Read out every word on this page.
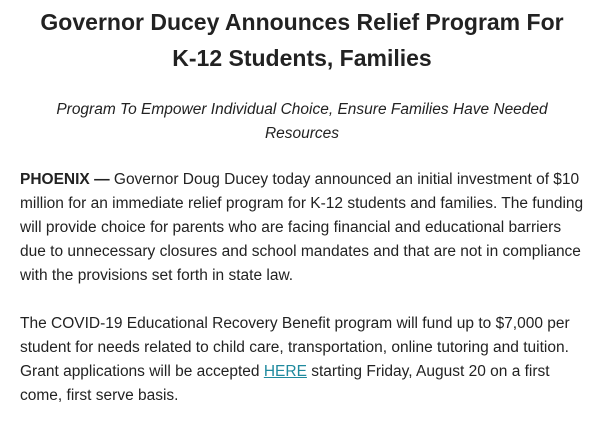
Governor Ducey Announces Relief Program For
K-12 Students, Families

Program To Empower Individual Choice, Ensure Families Have Needed
Resources

PHOENIX — Governor Doug Ducey today announced an initial investment of $10 million for an immediate relief program for K-12 students and families. The funding will provide choice for parents who are facing financial and educational barriers due to unnecessary closures and school mandates and that are not in compliance with the provisions set forth in state law.

The COVID-19 Educational Recovery Benefit program will fund up to $7,000 per student for needs related to child care, transportation, online tutoring and tuition. Grant applications will be accepted HERE starting Friday, August 20 on a first come, first serve basis.
